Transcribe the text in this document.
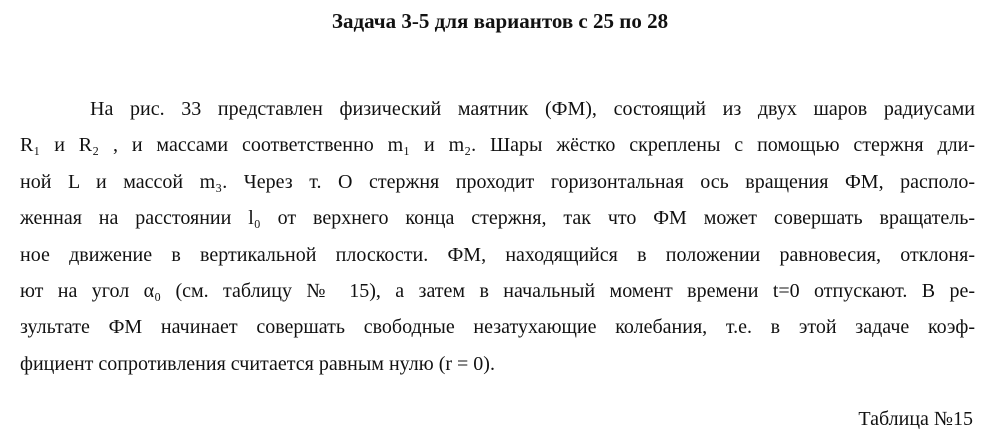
Задача 3-5 для вариантов с 25 по 28
На рис. 33 представлен физический маятник (ФМ), состоящий из двух шаров радиусами
R₁ и R₂ , и массами соответственно m₁ и m₂. Шары жёстко скреплены с помощью стержня дли-
ной L и массой m₃. Через т. О стержня проходит горизонтальная ось вращения ФМ, располо-
женная на расстоянии l₀ от верхнего конца стержня, так что ФМ может совершать вращатель-
ное движение в вертикальной плоскости. ФМ, находящийся в положении равновесия, отклоня-
ют на угол α₀ (см. таблицу № 15), а затем в начальный момент времени t=0 отпускают. В ре-
зультате ФМ начинает совершать свободные незатухающие колебания, т.е. в этой задаче коэф-
фициент сопротивления считается равным нулю (r = 0).
Таблица №15
